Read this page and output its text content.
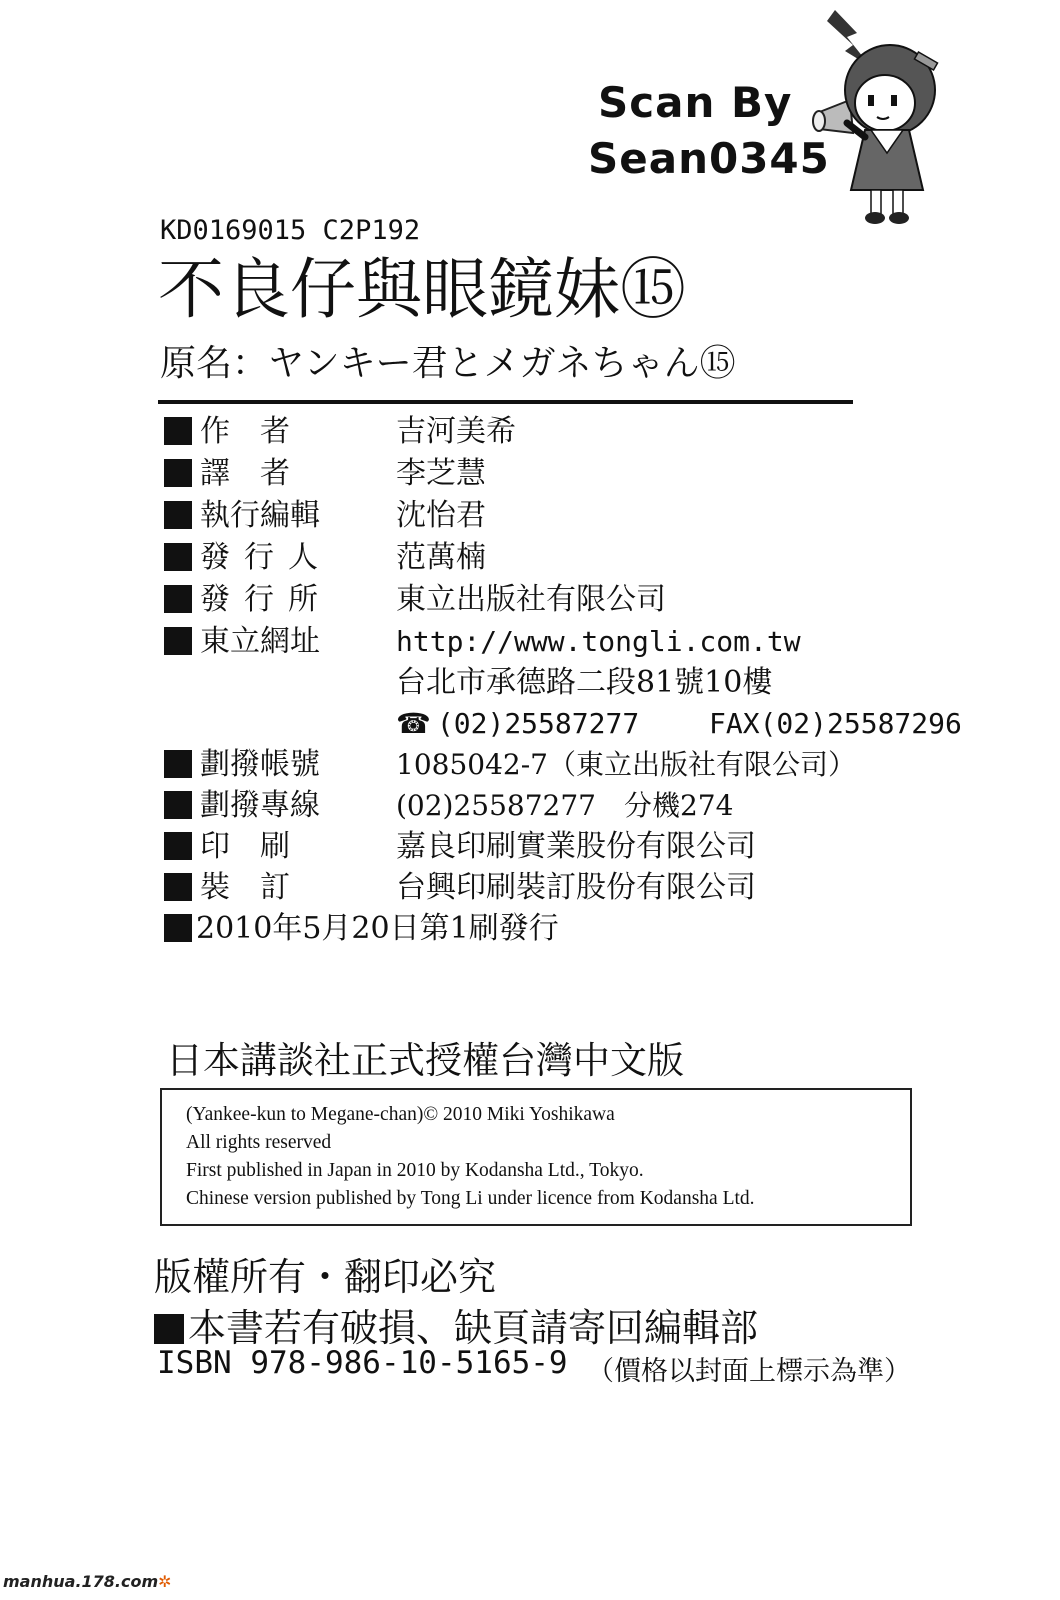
Scan By
Sean0345
KD0169015 C2P192
不良仔與眼鏡妹⑮
原名：ヤンキー君とメガネちゃん⑮
作　者	吉河美希
譯　者	李芝慧
執行編輯	沈怡君
發行人 范萬楠
發行所 東立出版社有限公司
東立網址	http://www.tongli.com.tw
台北市承德路二段81號10樓
☎ (02)25587277 FAX(02)25587296
劃撥帳號	1085042-7（東立出版社有限公司）
劃撥專線	(02)25587277　分機274
印　刷	嘉良印刷實業股份有限公司
裝　訂	台興印刷裝訂股份有限公司
2010年5月20日第1刷發行
日本講談社正式授權台灣中文版
(Yankee-kun to Megane-chan)© 2010 Miki Yoshikawa
All rights reserved
First published in Japan in 2010 by Kodansha Ltd., Tokyo.
Chinese version published by Tong Li under licence from Kodansha Ltd.
版權所有・翻印必究
本書若有破損、缺頁請寄回編輯部
ISBN 978-986-10-5165-9 （價格以封面上標示為準）
manhua.178.com✲
